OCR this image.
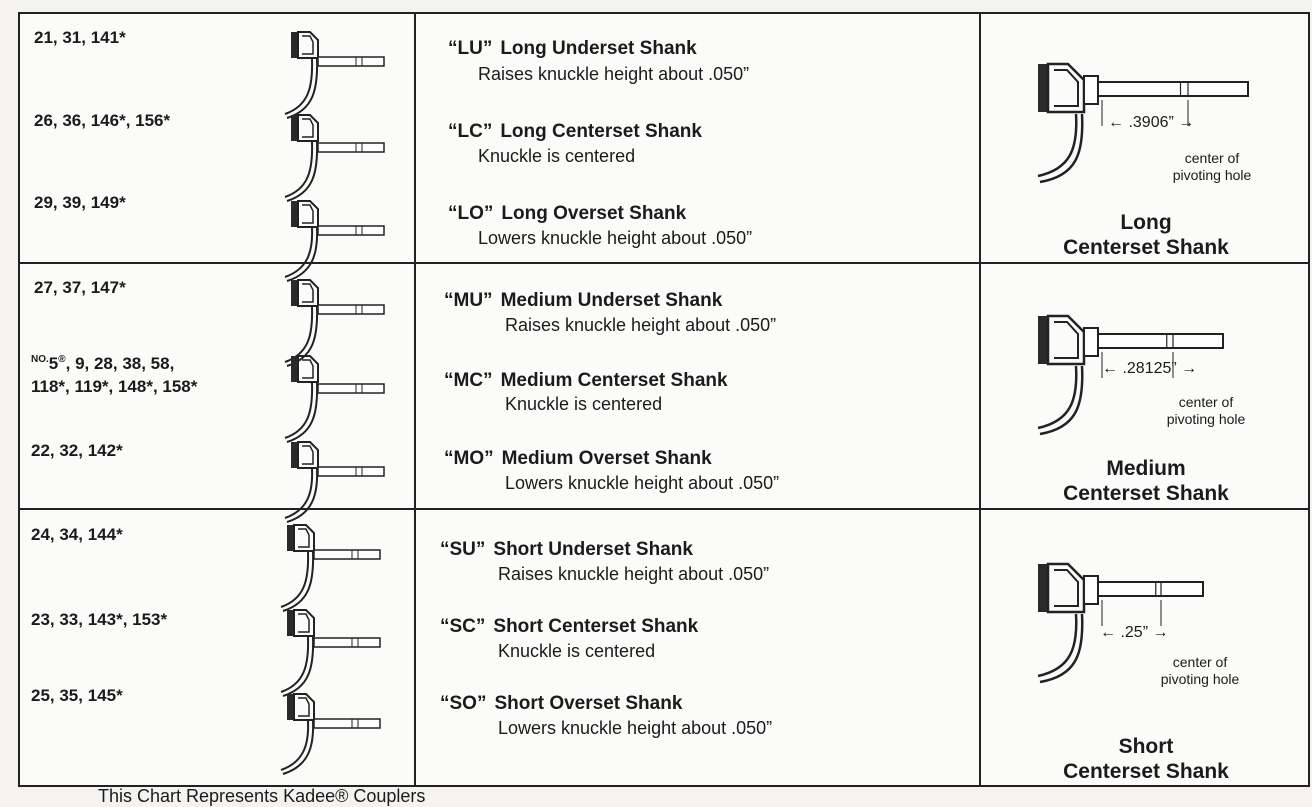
21, 31, 141*
“LU” Long Underset Shank
Raises knuckle height about .050”
26, 36, 146*, 156*
“LC” Long Centerset Shank
Knuckle is centered
29, 39, 149*
“LO” Long Overset Shank
Lowers knuckle height about .050”
27, 37, 147*
“MU” Medium Underset Shank
Raises knuckle height about .050”
$^{NO.}$5®, 9, 28, 38, 58,
118*, 119*, 148*, 158*	“MC” Medium Centerset Shank
Knuckle is centered
22, 32, 142*	“MO” Medium Overset Shank
Lowers knuckle height about .050”
24, 34, 144*
“SU” Short Underset Shank
Raises knuckle height about .050”
23, 33, 143*, 153*	“SC” Short Centerset Shank
Knuckle is centered
25, 35, 145*	“SO” Short Overset Shank
Lowers knuckle height about .050”
← .3906” →
center of
pivoting hole
Long
Centerset Shank
← .28125” →
center of
pivoting hole
Medium
Centerset Shank
← .25” →
center of
pivoting hole
Short
Centerset Shank
This Chart Represents Kadee® Couplers
